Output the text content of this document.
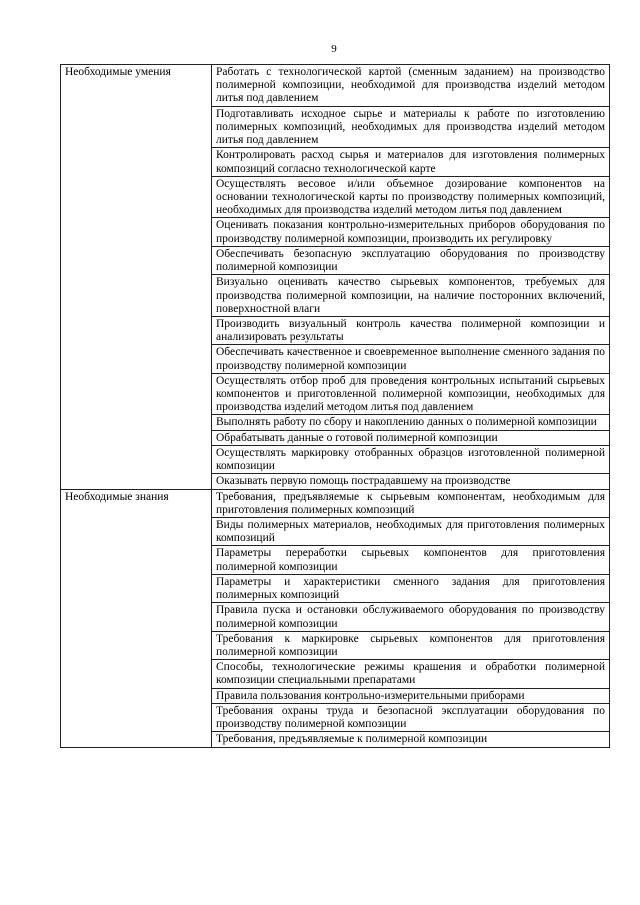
9
Необходимые умения	Работать с технологической картой (сменным заданием) на производство полимерной композиции, необходимой для производства изделий методом литья под давлением
	Подготавливать исходное сырье и материалы к работе по изготовлению полимерных композиций, необходимых для производства изделий методом литья под давлением
	Контролировать расход сырья и материалов для изготовления полимерных композиций согласно технологической карте
	Осуществлять весовое и/или объемное дозирование компонентов на основании технологической карты по производству полимерных композиций, необходимых для производства изделий методом литья под давлением
	Оценивать показания контрольно-измерительных приборов оборудования по производству полимерной композиции, производить их регулировку
	Обеспечивать безопасную эксплуатацию оборудования по производству полимерной композиции
	Визуально оценивать качество сырьевых компонентов, требуемых для производства полимерной композиции, на наличие посторонних включений, поверхностной влаги
	Производить визуальный контроль качества полимерной композиции и анализировать результаты
	Обеспечивать качественное и своевременное выполнение сменного задания по производству полимерной композиции
	Осуществлять отбор проб для проведения контрольных испытаний сырьевых компонентов и приготовленной полимерной композиции, необходимых для производства изделий методом литья под давлением
	Выполнять работу по сбору и накоплению данных о полимерной композиции
	Обрабатывать данные о готовой полимерной композиции
	Осуществлять маркировку отобранных образцов изготовленной полимерной композиции
	Оказывать первую помощь пострадавшему на производстве
Необходимые знания	Требования, предъявляемые к сырьевым компонентам, необходимым для приготовления полимерных композиций
	Виды полимерных материалов, необходимых для приготовления полимерных композиций
	Параметры переработки сырьевых компонентов для приготовления полимерной композиции
	Параметры и характеристики сменного задания для приготовления полимерных композиций
	Правила пуска и остановки обслуживаемого оборудования по производству полимерной композиции
	Требования к маркировке сырьевых компонентов для приготовления полимерной композиции
	Способы, технологические режимы крашения и обработки полимерной композиции специальными препаратами
	Правила пользования контрольно-измерительными приборами
	Требования охраны труда и безопасной эксплуатации оборудования по производству полимерной композиции
	Требования, предъявляемые к полимерной композиции
